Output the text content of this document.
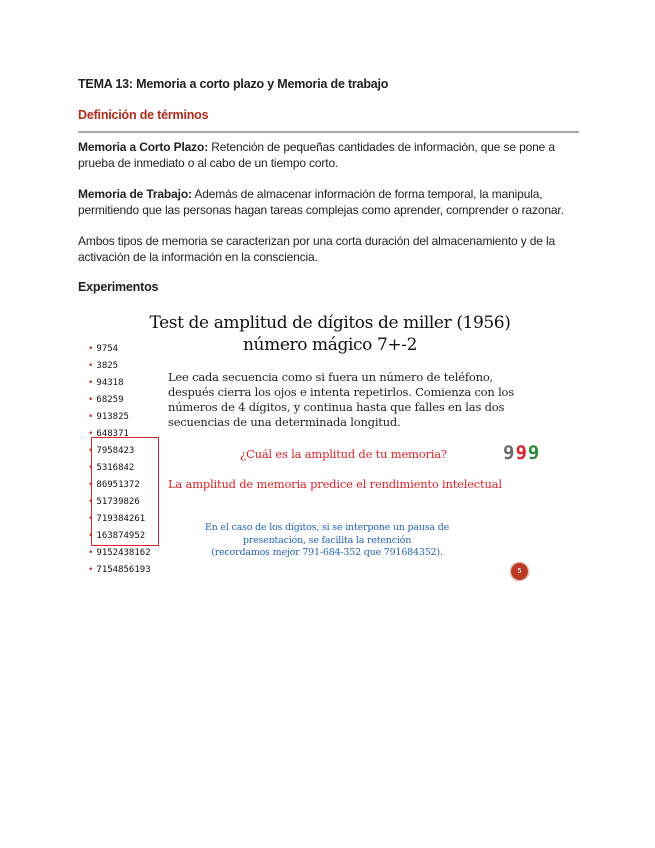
TEMA 13: Memoria a corto plazo y Memoria de trabajo
Definición de términos
Memoria a Corto Plazo: Retención de pequeñas cantidades de información, que se pone a prueba de inmediato o al cabo de un tiempo corto.
Memoria de Trabajo: Además de almacenar información de forma temporal, la manipula, permitiendo que las personas hagan tareas complejas como aprender, comprender o razonar.
Ambos tipos de memoria se caracterizan por una corta duración del almacenamiento y de la activación de la información en la consciencia.
Experimentos
Test de amplitud de dígitos de miller (1956)
número mágico 7+-2
• 9754
• 3825
• 94318
• 68259
• 913825
• 648371
• 7958423
• 5316842
• 86951372
• 51739826
• 719384261
• 163874952
• 9152438162
• 7154856193
Lee cada secuencia como si fuera un número de teléfono, después cierra los ojos e intenta repetirlos. Comienza con los números de 4 dígitos, y continua hasta que falles en las dos secuencias de una determinada longitud.
¿Cuál es la amplitud de tu memoria?	999
La amplitud de memoria predice el rendimiento intelectual
En el caso de los dígitos, si se interpone un pausa de
presentación, se facilita la retención
(recordamos mejor 791-684-352 que 791684352).
5
